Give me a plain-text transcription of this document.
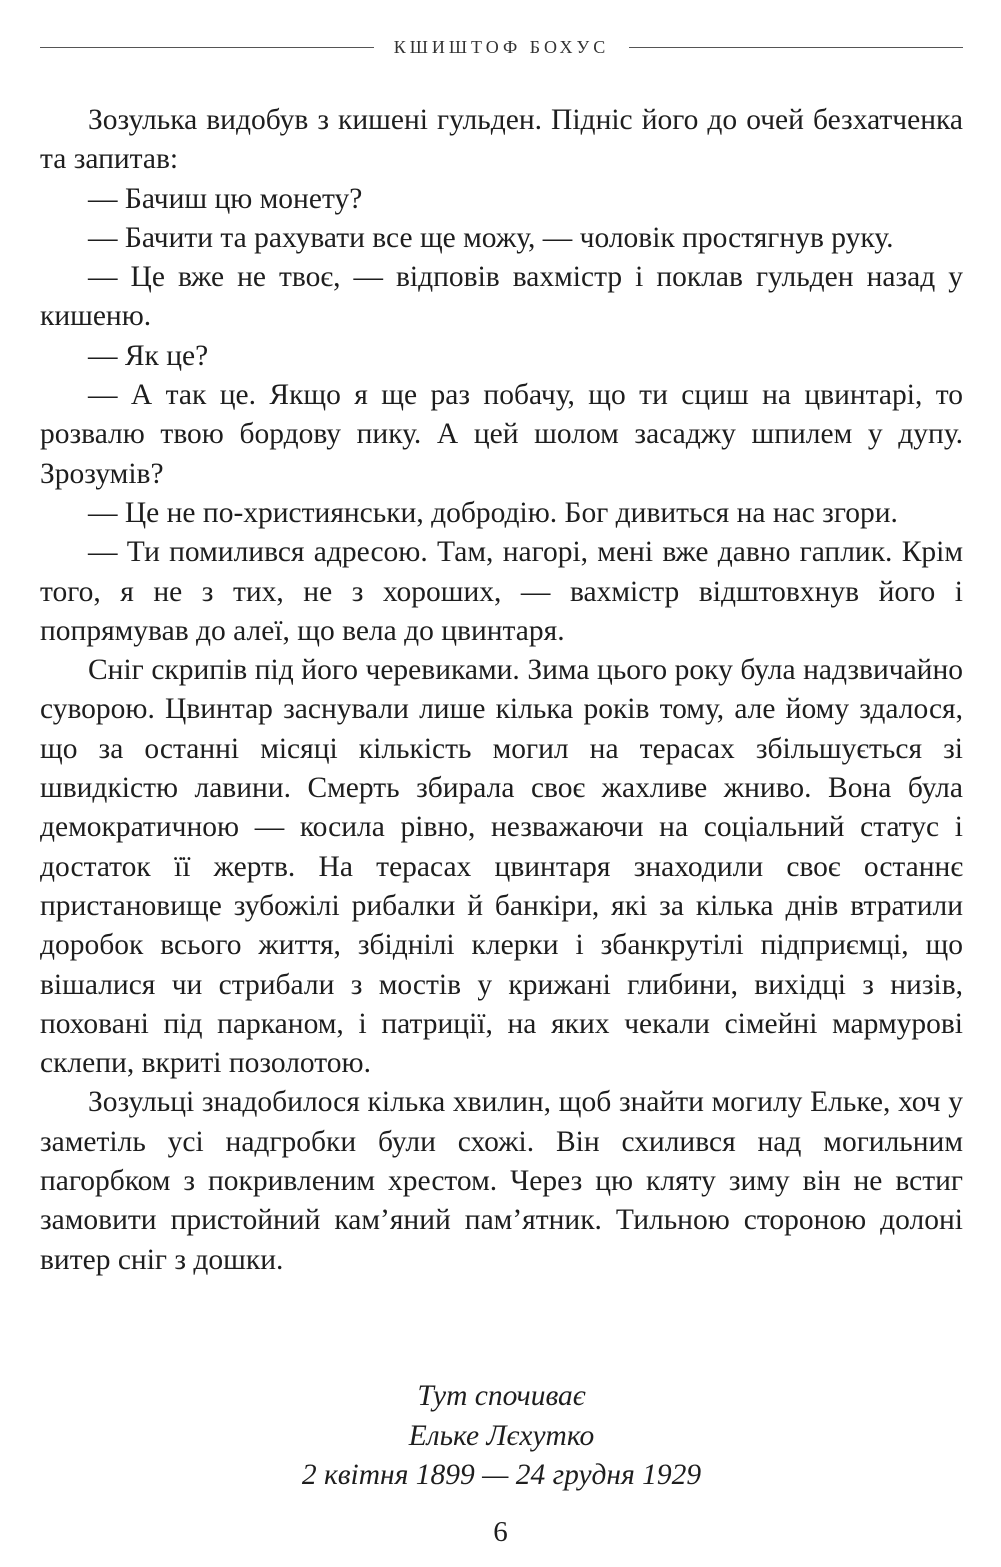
КШИШТОФ БОХУС

Зозулька видобув з кишені гульден. Підніс його до очей безхатченка та запитав:

— Бачиш цю монету?

— Бачити та рахувати все ще можу, — чоловік простягнув руку.

— Це вже не твоє, — відповів вахмістр і поклав гульден назад у кишеню.

— Як це?

— А так це. Якщо я ще раз побачу, що ти сциш на цвинтарі, то розвалю твою бордову пику. А цей шолом засаджу шпилем у дупу. Зрозумів?

— Це не по-християнськи, добродію. Бог дивиться на нас згори.

— Ти помилився адресою. Там, нагорі, мені вже давно гаплик. Крім того, я не з тих, не з хороших, — вахмістр відштовхнув його і попрямував до алеї, що вела до цвинтаря.

Сніг скрипів під його черевиками. Зима цього року була надзвичайно суворою. Цвинтар заснували лише кілька років тому, але йому здалося, що за останні місяці кількість могил на терасах збільшується зі швидкістю лавини. Смерть збирала своє жахливе жниво. Вона була демократичною — косила рівно, незважаючи на соціальний статус і достаток її жертв. На терасах цвинтаря знаходили своє останнє пристановище зубожілі рибалки й банкіри, які за кілька днів втратили доробок всього життя, збіднілі клерки і збанкрутілі підприємці, що вішалися чи стрибали з мостів у крижані глибини, вихідці з низів, поховані під парканом, і патриції, на яких чекали сімейні мармурові склепи, вкриті позолотою.

Зозульці знадобилося кілька хвилин, щоб знайти могилу Ельке, хоч у заметіль усі надгробки були схожі. Він схилився над могильним пагорбком з покривленим хрестом. Через цю кляту зиму він не встиг замовити пристойний кам’яний пам’ятник. Тильною стороною долоні витер сніг з дошки.

Тут спочиває
Ельке Лєхутко
2 квітня 1899 — 24 грудня 1929
6
